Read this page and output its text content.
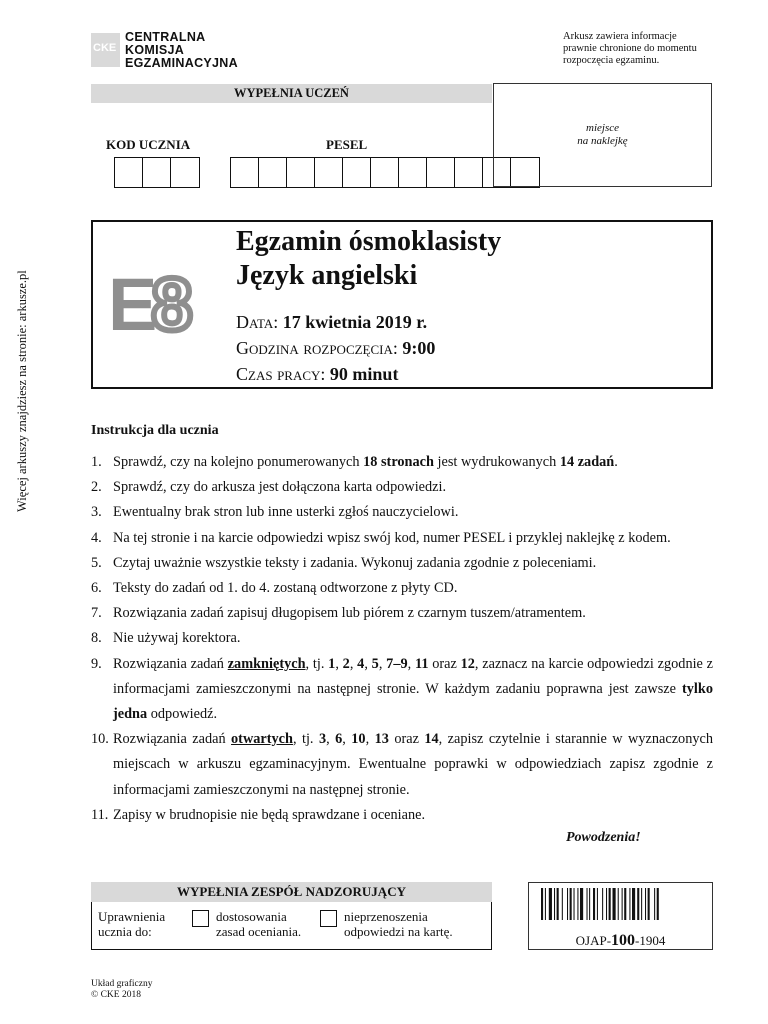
CKE
CENTRALNA
KOMISJA
EGZAMINACYJNA
Arkusz zawiera informacje
prawnie chronione do momentu
rozpoczęcia egzaminu.
WYPEŁNIA UCZEŃ
KOD UCZNIA	PESEL
miejsce
na naklejkę
E8
Egzamin ósmoklasisty
Język angielski
Data: 17 kwietnia 2019 r.
Godzina rozpoczęcia: 9:00
Czas pracy: 90 minut
Instrukcja dla ucznia
1. Sprawdź, czy na kolejno ponumerowanych 18 stronach jest wydrukowanych 14 zadań.
2. Sprawdź, czy do arkusza jest dołączona karta odpowiedzi.
3. Ewentualny brak stron lub inne usterki zgłoś nauczycielowi.
4. Na tej stronie i na karcie odpowiedzi wpisz swój kod, numer PESEL i przyklej naklejkę z kodem.
5. Czytaj uważnie wszystkie teksty i zadania. Wykonuj zadania zgodnie z poleceniami.
6. Teksty do zadań od 1. do 4. zostaną odtworzone z płyty CD.
7. Rozwiązania zadań zapisuj długopisem lub piórem z czarnym tuszem/atramentem.
8. Nie używaj korektora.
9. Rozwiązania zadań zamkniętych, tj. 1, 2, 4, 5, 7–9, 11 oraz 12, zaznacz na karcie odpowiedzi zgodnie z informacjami zamieszczonymi na następnej stronie. W każdym zadaniu poprawna jest zawsze tylko jedna odpowiedź.
10. Rozwiązania zadań otwartych, tj. 3, 6, 10, 13 oraz 14, zapisz czytelnie i starannie w wyznaczonych miejscach w arkuszu egzaminacyjnym. Ewentualne poprawki w odpowiedziach zapisz zgodnie z informacjami zamieszczonymi na następnej stronie.
11. Zapisy w brudnopisie nie będą sprawdzane i oceniane.
Powodzenia!
WYPEŁNIA ZESPÓŁ NADZORUJĄCY
Uprawnienia
ucznia do:
dostosowania
zasad oceniania.
nieprzenoszenia
odpowiedzi na kartę.
OJAP-100-1904
Układ graficzny
© CKE 2018
Więcej arkuszy znajdziesz na stronie: arkusze.pl
